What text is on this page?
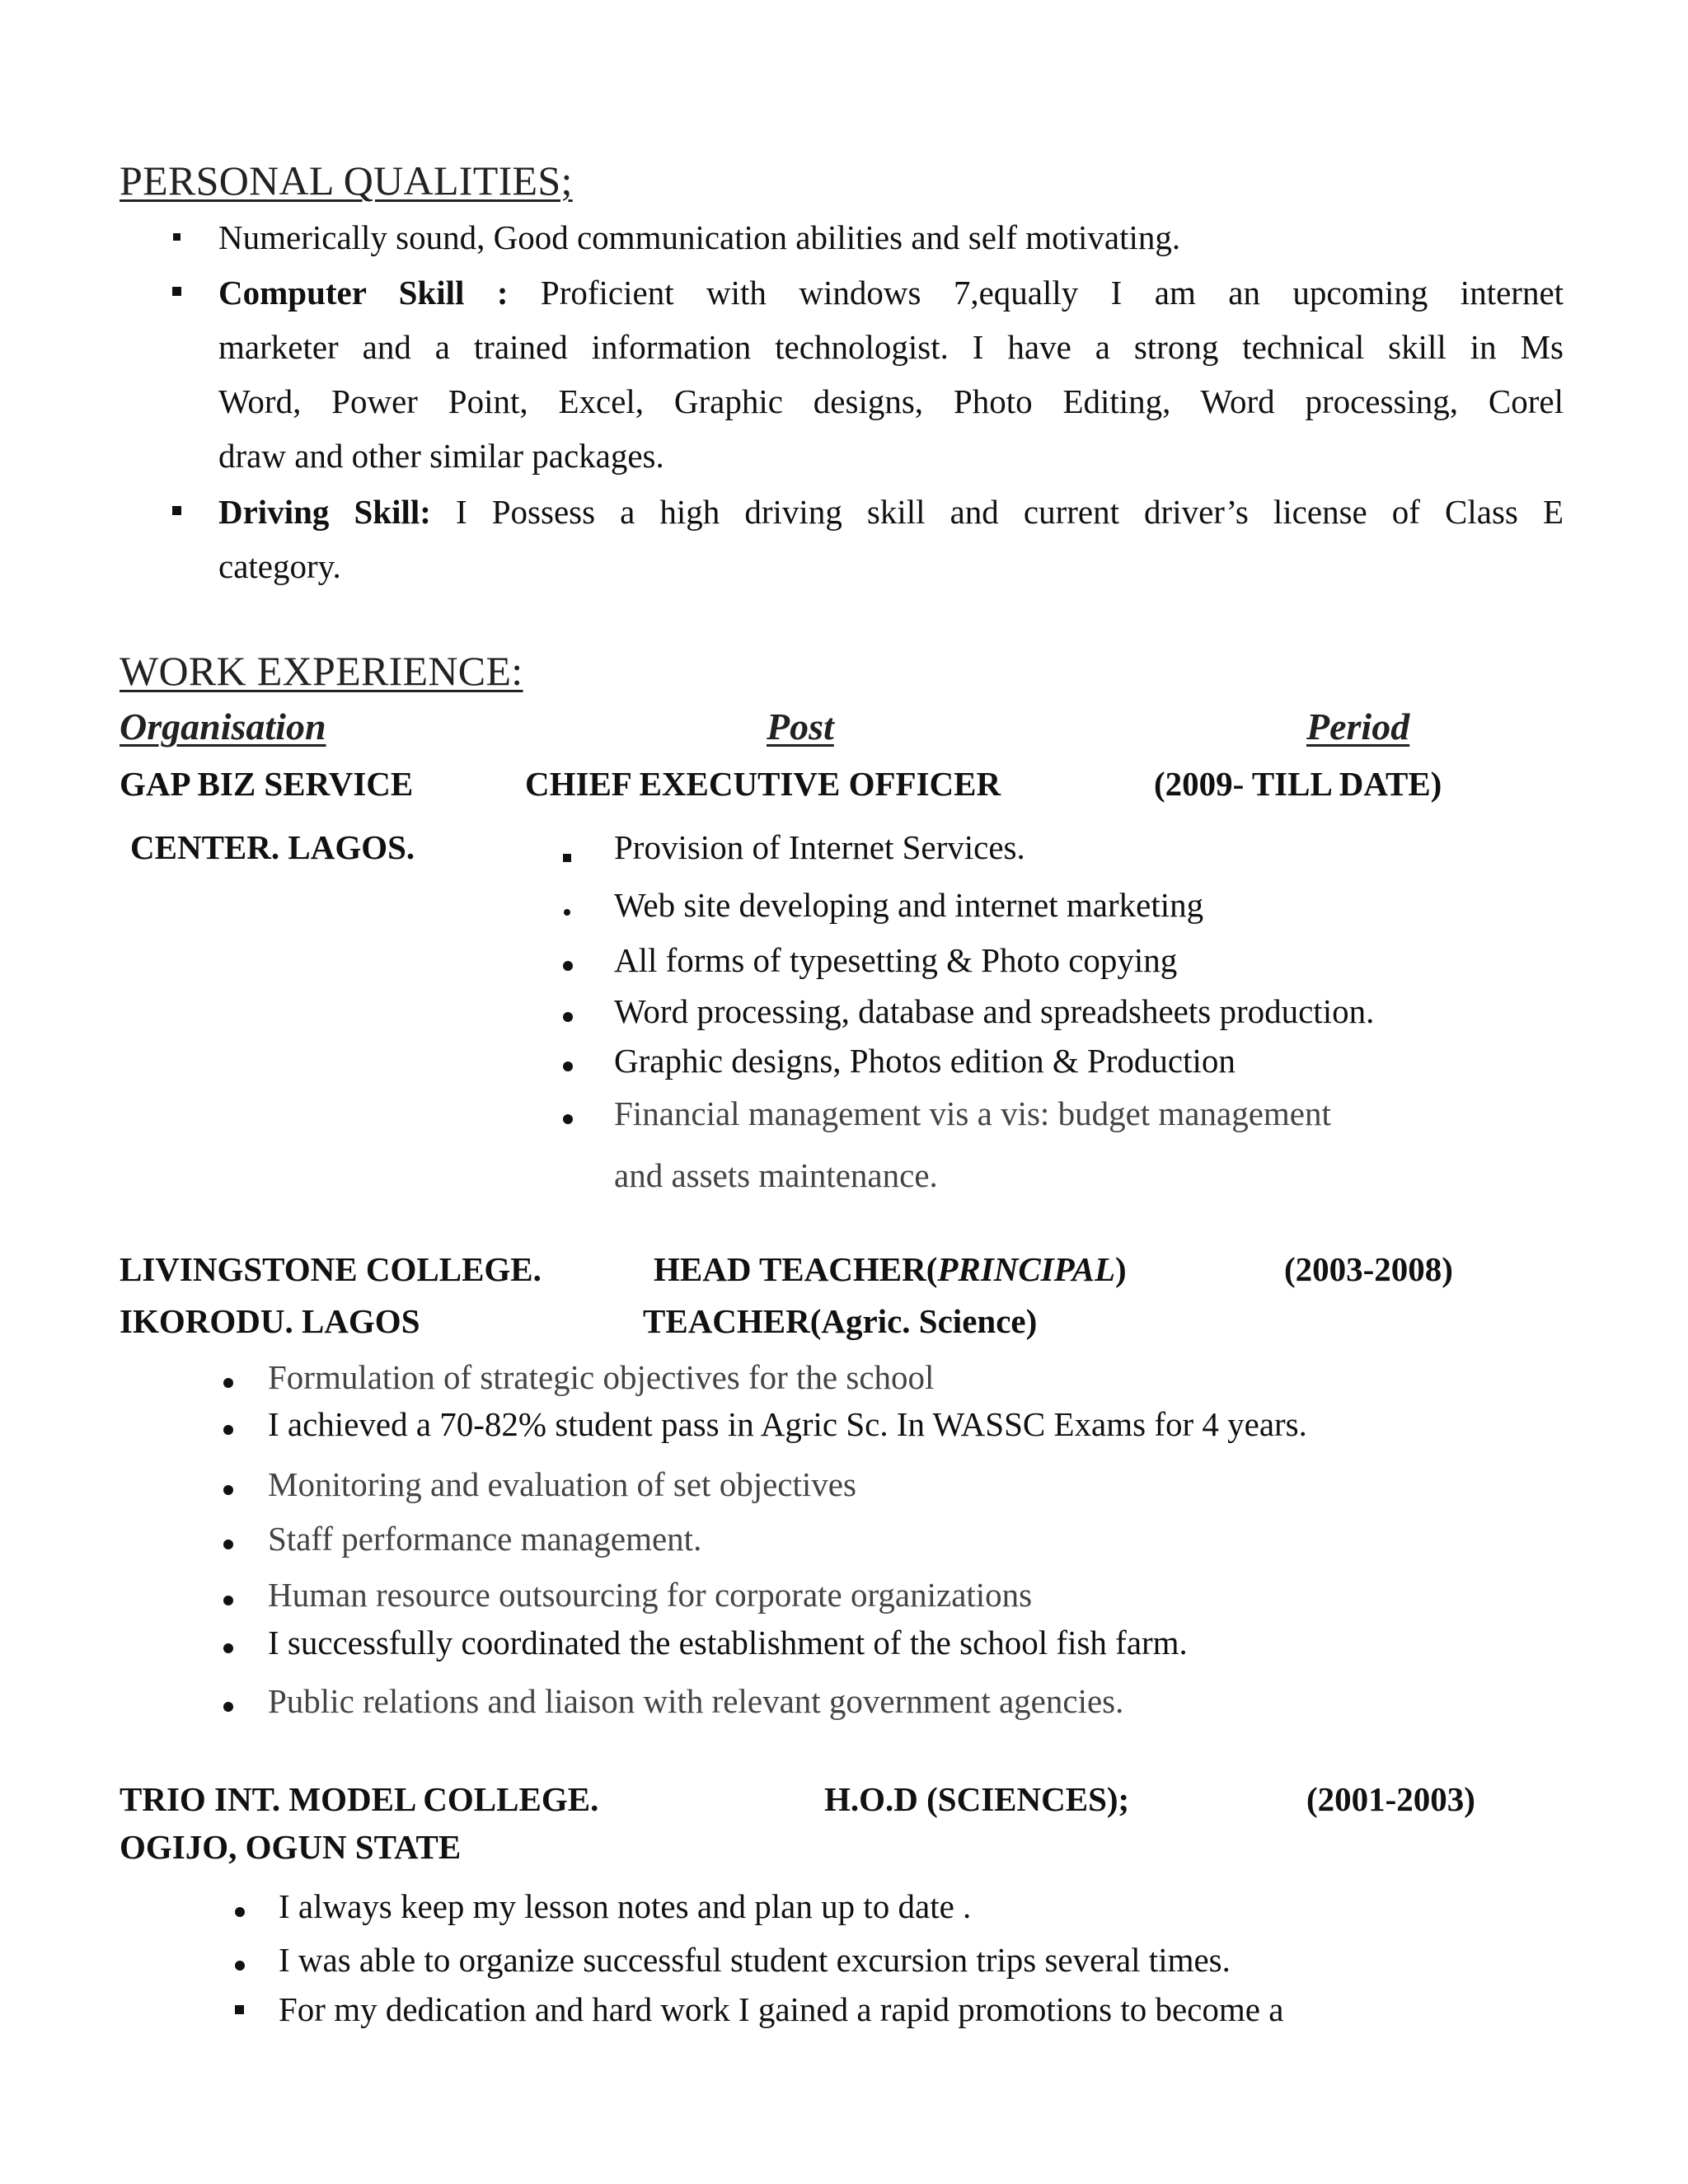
PERSONAL QUALITIES;
Numerically sound, Good communication abilities and self motivating.
Computer Skill : Proficient with windows 7,equally I am an upcoming internet
marketer and a trained information technologist. I have a strong technical skill in Ms
Word, Power Point, Excel, Graphic designs, Photo Editing, Word processing, Corel
draw and other similar packages.
Driving Skill: I Possess a high driving skill and current driver’s license of Class E
category.
WORK EXPERIENCE:
Organisation	Post	Period
GAP BIZ SERVICE	CHIEF EXECUTIVE OFFICER	(2009- TILL DATE)
CENTER. LAGOS.	Provision of Internet Services.
Web site developing and internet marketing
All forms of typesetting & Photo copying
Word processing, database and spreadsheets production.
Graphic designs, Photos edition & Production
Financial management vis a vis: budget management
and assets maintenance.
LIVINGSTONE COLLEGE.	HEAD TEACHER(PRINCIPAL)	(2003-2008)
IKORODU. LAGOS	TEACHER(Agric. Science)
Formulation of strategic objectives for the school
I achieved a 70-82% student pass in Agric Sc. In WASSC Exams for 4 years.
Monitoring and evaluation of set objectives
Staff performance management.
Human resource outsourcing for corporate organizations
I successfully coordinated the establishment of the school fish farm.
Public relations and liaison with relevant government agencies.
TRIO INT. MODEL COLLEGE.	H.O.D (SCIENCES);	(2001-2003)
OGIJO, OGUN STATE
I always keep my lesson notes and plan up to date .
I was able to organize successful student excursion trips several times.
For my dedication and hard work I gained a rapid promotions to become a
